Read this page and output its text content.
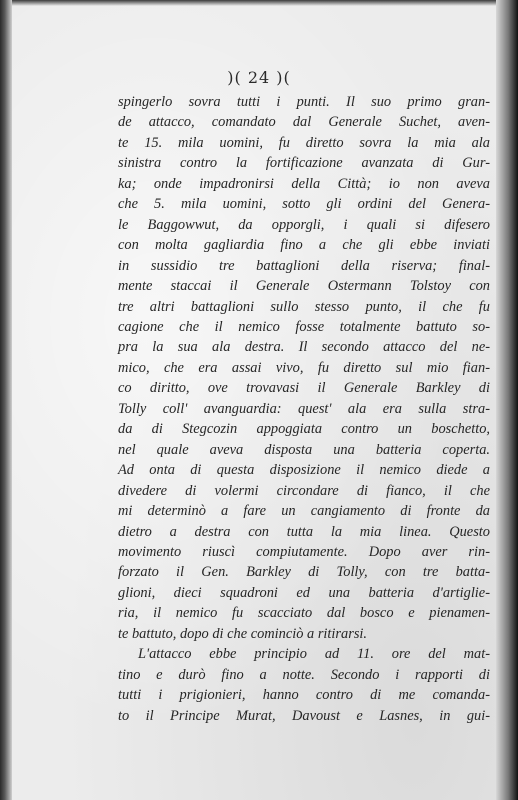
)( 24 )(
spingerlo sovra tutti i punti. Il suo primo gran-
de attacco, comandato dal Generale Suchet, aven-
te 15. mila uomini, fu diretto sovra la mia ala
sinistra contro la fortificazione avanzata di Gur-
ka; onde impadronirsi della Città; io non aveva
che 5. mila uomini, sotto gli ordini del Genera-
le Baggowwut, da opporgli, i quali si difesero
con molta gagliardia fino a che gli ebbe inviati
in sussidio tre battaglioni della riserva; final-
mente staccai il Generale Ostermann Tolstoy con
tre altri battaglioni sullo stesso punto, il che fu
cagione che il nemico fosse totalmente battuto so-
pra la sua ala destra. Il secondo attacco del ne-
mico, che era assai vivo, fu diretto sul mio fian-
co diritto, ove trovavasi il Generale Barkley di
Tolly coll' avanguardia: quest' ala era sulla stra-
da di Stegcozin appoggiata contro un boschetto,
nel quale aveva disposta una batteria coperta.
Ad onta di questa disposizione il nemico diede a
divedere di volermi circondare di fianco, il che
mi determinò a fare un cangiamento di fronte da
dietro a destra con tutta la mia linea. Questo
movimento riuscì compiutamente. Dopo aver rin-
forzato il Gen. Barkley di Tolly, con tre batta-
glioni, dieci squadroni ed una batteria d'artiglie-
ria, il nemico fu scacciato dal bosco e pienamen-
te battuto, dopo di che cominciò a ritirarsi.
L'attacco ebbe principio ad 11. ore del mat-
tino e durò fino a notte. Secondo i rapporti di
tutti i prigionieri, hanno contro di me comanda-
to il Principe Murat, Davoust e Lasnes, in gui-
